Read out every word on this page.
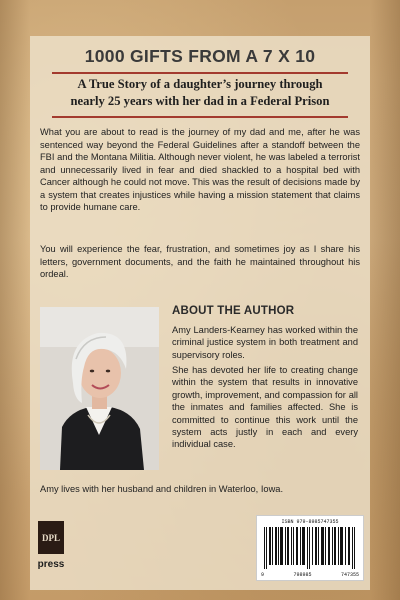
1000 GIFTS FROM A 7 X 10
A True Story of a daughter’s journey through
nearly 25 years with her dad in a Federal Prison
What you are about to read is the journey of my dad and me, after he was sentenced way beyond the Federal Guidelines after a standoff between the FBI and the Montana Militia. Although never violent, he was labeled a terrorist and unnecessarily lived in fear and died shackled to a hospital bed with Cancer although he could not move. This was the result of decisions made by a system that creates injustices while having a mission statement that claims to provide humane care.
You will experience the fear, frustration, and sometimes joy as I share his letters, government documents, and the faith he maintained throughout his ordeal.
ABOUT THE AUTHOR
Amy Landers-Kearney has worked within the criminal justice system in both treatment and supervisory roles.
She has devoted her life to creating change within the system that results in innovative growth, improvement, and compassion for all the inmates and families affected. She is committed to continue this work until the system acts justly in each and every individual case.
Amy lives with her husband and children in Waterloo, Iowa.
DPL
press
ISBN 979-8985747355
9	798985	747355
